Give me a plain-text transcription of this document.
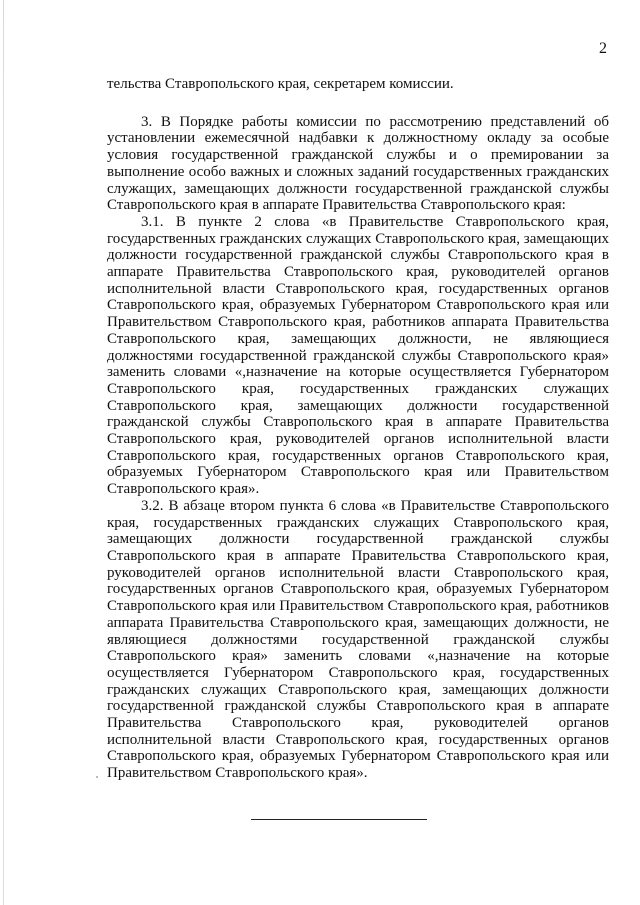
2

тельства Ставропольского края, секретарем комиссии.

3. В Порядке работы комиссии по рассмотрению представлений об установлении ежемесячной надбавки к должностному окладу за особые условия государственной гражданской службы и о премировании за выполнение особо важных и сложных заданий государственных гражданских служащих, замещающих должности государственной гражданской службы Ставропольского края в аппарате Правительства Ставропольского края:

3.1. В пункте 2 слова «в Правительстве Ставропольского края, государственных гражданских служащих Ставропольского края, замещающих должности государственной гражданской службы Ставропольского края в аппарате Правительства Ставропольского края, руководителей органов исполнительной власти Ставропольского края, государственных органов Ставропольского края, образуемых Губернатором Ставропольского края или Правительством Ставропольского края, работников аппарата Правительства Ставропольского края, замещающих должности, не являющиеся должностями государственной гражданской службы Ставропольского края» заменить словами «,назначение на которые осуществляется Губернатором Ставропольского края, государственных гражданских служащих Ставропольского края, замещающих должности государственной гражданской службы Ставропольского края в аппарате Правительства Ставропольского края, руководителей органов исполнительной власти Ставропольского края, государственных органов Ставропольского края, образуемых Губернатором Ставропольского края или Правительством Ставропольского края».

3.2. В абзаце втором пункта 6 слова «в Правительстве Ставропольского края, государственных гражданских служащих Ставропольского края, замещающих должности государственной гражданской службы Ставропольского края в аппарате Правительства Ставропольского края, руководителей органов исполнительной власти Ставропольского края, государственных органов Ставропольского края, образуемых Губернатором Ставропольского края или Правительством Ставропольского края, работников аппарата Правительства Ставропольского края, замещающих должности, не являющиеся должностями государственной гражданской службы Ставропольского края» заменить словами «,назначение на которые осуществляется Губернатором Ставропольского края, государственных гражданских служащих Ставропольского края, замещающих должности государственной гражданской службы Ставропольского края в аппарате Правительства Ставропольского края, руководителей органов исполнительной власти Ставропольского края, государственных органов Ставропольского края, образуемых Губернатором Ставропольского края или Правительством Ставропольского края».
